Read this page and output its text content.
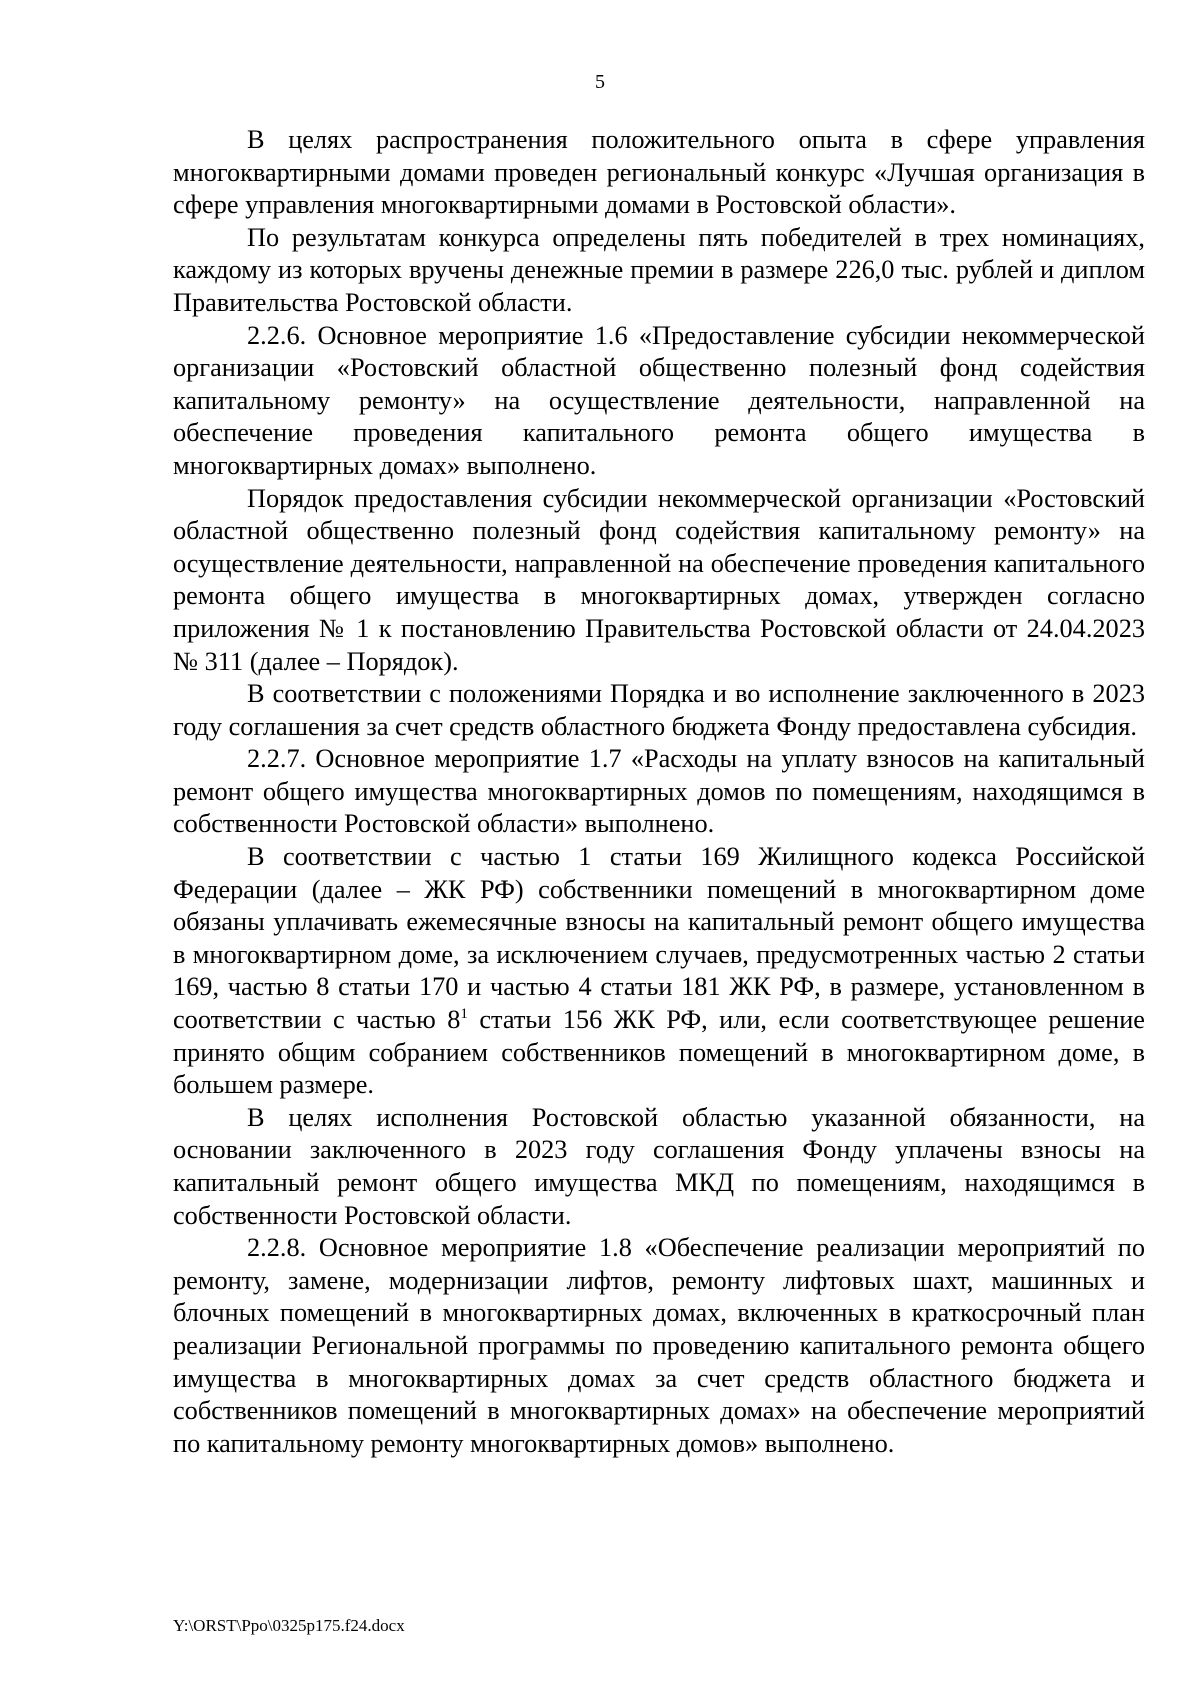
5

В целях распространения положительного опыта в сфере управления многоквартирными домами проведен региональный конкурс «Лучшая организация в сфере управления многоквартирными домами в Ростовской области».

По результатам конкурса определены пять победителей в трех номинациях, каждому из которых вручены денежные премии в размере 226,0 тыс. рублей и диплом Правительства Ростовской области.

2.2.6. Основное мероприятие 1.6 «Предоставление субсидии некоммерческой организации «Ростовский областной общественно полезный фонд содействия капитальному ремонту» на осуществление деятельности, направленной на обеспечение проведения капитального ремонта общего имущества в многоквартирных домах» выполнено.

Порядок предоставления субсидии некоммерческой организации «Ростовский областной общественно полезный фонд содействия капитальному ремонту» на осуществление деятельности, направленной на обеспечение проведения капитального ремонта общего имущества в многоквартирных домах, утвержден согласно приложения № 1 к постановлению Правительства Ростовской области от 24.04.2023 № 311 (далее – Порядок).

В соответствии с положениями Порядка и во исполнение заключенного в 2023 году соглашения за счет средств областного бюджета Фонду предоставлена субсидия.

2.2.7. Основное мероприятие 1.7 «Расходы на уплату взносов на капитальный ремонт общего имущества многоквартирных домов по помещениям, находящимся в собственности Ростовской области» выполнено.

В соответствии с частью 1 статьи 169 Жилищного кодекса Российской Федерации (далее – ЖК РФ) собственники помещений в многоквартирном доме обязаны уплачивать ежемесячные взносы на капитальный ремонт общего имущества в многоквартирном доме, за исключением случаев, предусмотренных частью 2 статьи 169, частью 8 статьи 170 и частью 4 статьи 181 ЖК РФ, в размере, установленном в соответствии с частью $8^1$ статьи 156 ЖК РФ, или, если соответствующее решение принято общим собранием собственников помещений в многоквартирном доме, в большем размере.

В целях исполнения Ростовской областью указанной обязанности, на основании заключенного в 2023 году соглашения Фонду уплачены взносы на капитальный ремонт общего имущества МКД по помещениям, находящимся в собственности Ростовской области.

2.2.8. Основное мероприятие 1.8 «Обеспечение реализации мероприятий по ремонту, замене, модернизации лифтов, ремонту лифтовых шахт, машинных и блочных помещений в многоквартирных домах, включенных в краткосрочный план реализации Региональной программы по проведению капитального ремонта общего имущества в многоквартирных домах за счет средств областного бюджета и собственников помещений в многоквартирных домах» на обеспечение мероприятий по капитальному ремонту многоквартирных домов» выполнено.

Y:\ORST\Ppo\0325p175.f24.docx
